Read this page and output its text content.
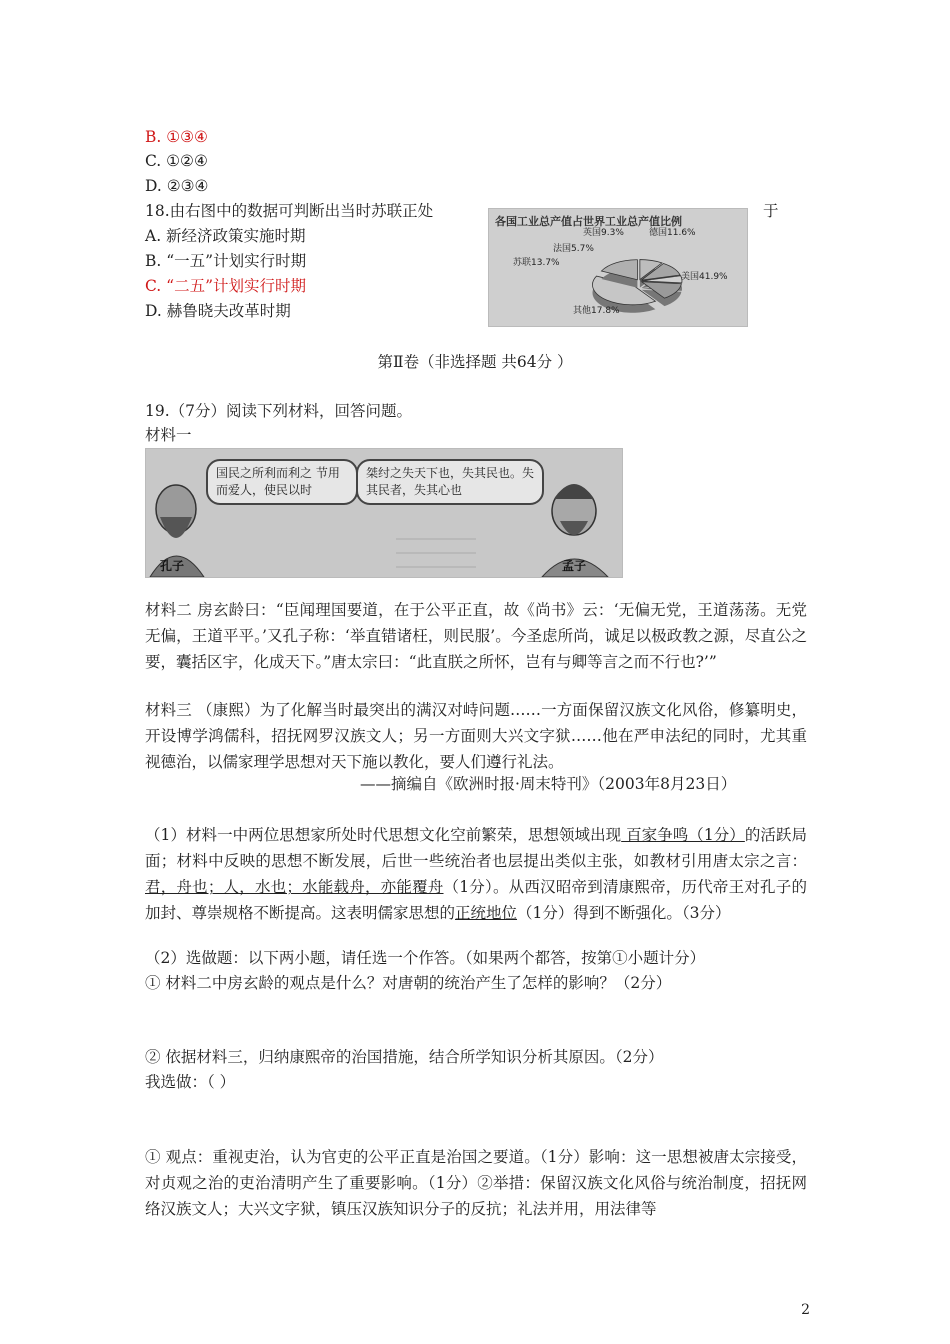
B. ①③④
C. ①②④
D. ②③④
18.由右图中的数据可判断出当时苏联正处	于
A. 新经济政策实施时期
B. “一五”计划实行时期
C. “二五”计划实行时期
D. 赫鲁晓夫改革时期
各国工业总产值占世界工业总产值比例
英国9.3%	德国11.6%
法国5.7%
苏联13.7%
美国41.9%
其他17.8%
第Ⅱ卷（非选择题 共64分 ）
19.（7分）阅读下列材料，回答问题。
材料一
国民之所利而利之 节用而爱人，使民以时
桀纣之失天下也，失其民也。失其民者，失其心也
孔子	孟子
材料二 房玄龄曰：“臣闻理国要道，在于公平正直，故《尚书》云：‘无偏无党，王道荡荡。无党无偏，王道平平。’又孔子称：‘举直错诸枉，则民服’。今圣虑所尚，诚足以极政教之源，尽直公之要，囊括区宇，化成天下。”唐太宗曰：“此直朕之所怀，岂有与卿等言之而不行也?’”
材料三 （康熙）为了化解当时最突出的满汉对峙问题……一方面保留汉族文化风俗，修纂明史，开设博学鸿儒科，招抚网罗汉族文人；另一方面则大兴文字狱……他在严申法纪的同时，尤其重视德治，以儒家理学思想对天下施以教化，要人们遵行礼法。
——摘编自《欧洲时报·周末特刊》（2003年8月23日）
（1）材料一中两位思想家所处时代思想文化空前繁荣，思想领域出现 百家争鸣（1分）的活跃局面；材料中反映的思想不断发展，后世一些统治者也层提出类似主张，如教材引用唐太宗之言：君，舟也；人，水也；水能载舟，亦能覆舟（1分）。从西汉昭帝到清康熙帝，历代帝王对孔子的加封、尊崇规格不断提高。这表明儒家思想的正统地位（1分）得到不断强化。（3分）
（2）选做题：以下两小题，请任选一个作答。（如果两个都答，按第①小题计分）
① 材料二中房玄龄的观点是什么？对唐朝的统治产生了怎样的影响？（2分）
② 依据材料三，归纳康熙帝的治国措施，结合所学知识分析其原因。（2分）
我选做：（ ）
① 观点：重视吏治，认为官吏的公平正直是治国之要道。（1分）影响：这一思想被唐太宗接受，对贞观之治的吏治清明产生了重要影响。（1分）②举措：保留汉族文化风俗与统治制度，招抚网络汉族文人；大兴文字狱，镇压汉族知识分子的反抗；礼法并用，用法律等
2
